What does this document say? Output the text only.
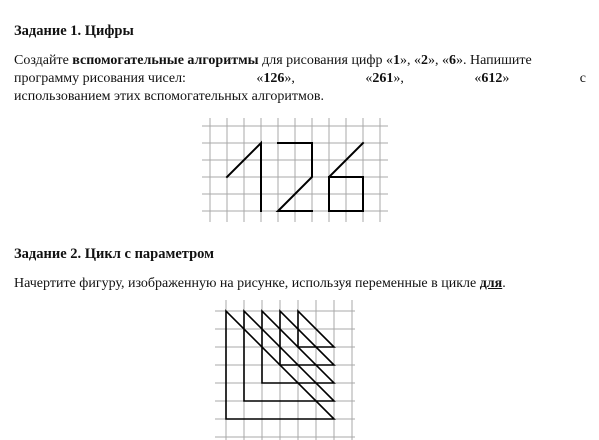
Задание 1. Цифры
Создайте вспомогательные алгоритмы для рисования цифр «1», «2», «6». Напишите
программу рисования чисел:	«126»,	«261»,	«612»	с
использованием этих вспомогательных алгоритмов.
Задание 2. Цикл с параметром
Начертите фигуру, изображенную на рисунке, используя переменные в цикле для.
